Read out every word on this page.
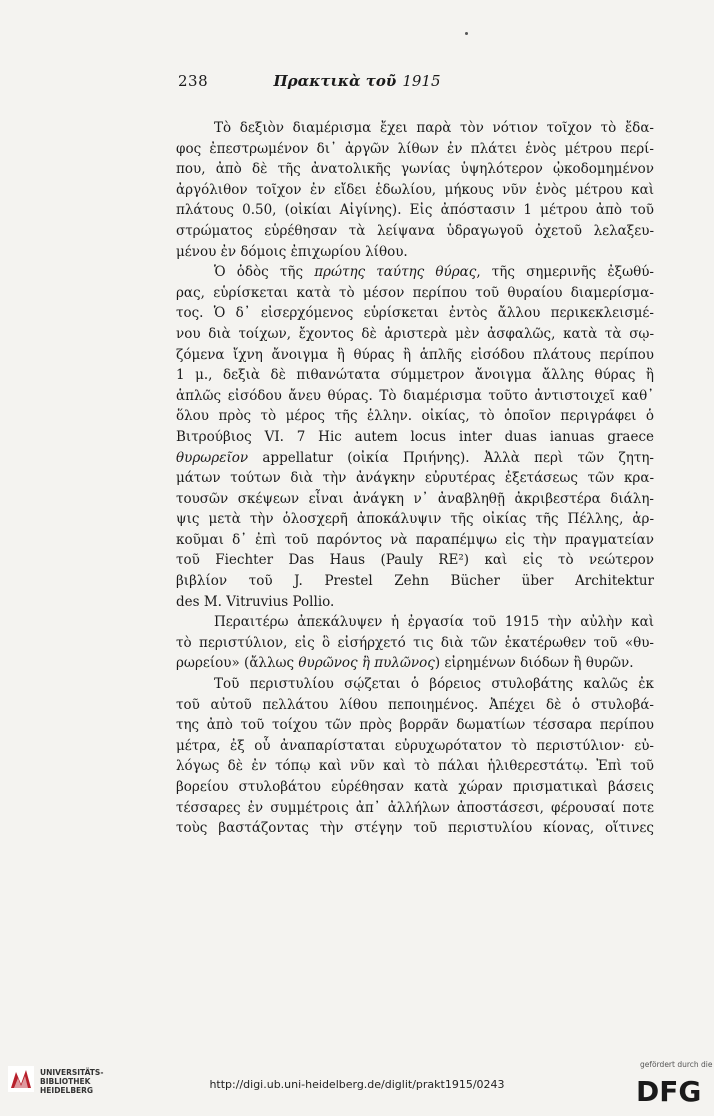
238	Πρακτικὰ τοῦ 1915
Τὸ δεξιὸν διαμέρισμα ἔχει παρὰ τὸν νότιον τοῖχον τὸ ἔδα-
φος ἐπεστρωμένον δι᾽ ἀργῶν λίθων ἐν πλάτει ἑνὸς μέτρου περί-
που, ἀπὸ δὲ τῆς ἀνατολικῆς γωνίας ὑψηλότερον ᾠκοδομημένον
ἀργόλιθον τοῖχον ἐν εἴδει ἑδωλίου, μήκους νῦν ἑνὸς μέτρου καὶ
πλάτους 0.50, (οἰκίαι Αἰγίνης). Εἰς ἀπόστασιν 1 μέτρου ἀπὸ τοῦ
στρώματος εὑρέθησαν τὰ λείψανα ὑδραγωγοῦ ὀχετοῦ λελαξευ-
μένου ἐν δόμοις ἐπιχωρίου λίθου.
Ὁ ὁδὸς τῆς πρώτης ταύτης θύρας, τῆς σημερινῆς ἐξωθύ-
ρας, εὑρίσκεται κατὰ τὸ μέσον περίπου τοῦ θυραίου διαμερίσμα-
τος. Ὁ δ᾽ εἰσερχόμενος εὑρίσκεται ἐντὸς ἄλλου περικεκλεισμέ-
νου διὰ τοίχων, ἔχοντος δὲ ἀριστερὰ μὲν ἀσφαλῶς, κατὰ τὰ σῳ-
ζόμενα ἴχνη ἄνοιγμα ἢ θύρας ἢ ἁπλῆς εἰσόδου πλάτους περίπου
1 μ., δεξιὰ δὲ πιθανώτατα σύμμετρον ἄνοιγμα ἄλλης θύρας ἢ
ἁπλῶς εἰσόδου ἄνευ θύρας. Τὸ διαμέρισμα τοῦτο ἀντιστοιχεῖ καθ᾽
ὅλου πρὸς τὸ μέρος τῆς ἑλλην. οἰκίας, τὸ ὁποῖον περιγράφει ὁ
Βιτρούβιος VI. 7 Hic autem locus inter duas ianuas graece
θυρωρεῖον appellatur (οἰκία Πριήνης). Ἀλλὰ περὶ τῶν ζητη-
μάτων τούτων διὰ τὴν ἀνάγκην εὐρυτέρας ἐξετάσεως τῶν κρα-
τουσῶν σκέψεων εἶναι ἀνάγκη ν᾽ ἀναβληθῇ ἀκριβεστέρα διάλη-
ψις μετὰ τὴν ὁλοσχερῆ ἀποκάλυψιν τῆς οἰκίας τῆς Πέλλης, ἀρ-
κοῦμαι δ᾽ ἐπὶ τοῦ παρόντος νὰ παραπέμψω εἰς τὴν πραγματείαν
τοῦ Fiechter Das Haus (Pauly RE²) καὶ εἰς τὸ νεώτερον
βιβλίον τοῦ J. Prestel Zehn Bücher über Architektur
des M. Vitruvius Pollio.
Περαιτέρω ἀπεκάλυψεν ἡ ἐργασία τοῦ 1915 τὴν αὐλὴν καὶ
τὸ περιστύλιον, εἰς ὃ εἰσήρχετό τις διὰ τῶν ἑκατέρωθεν τοῦ «θυ-
ρωρείου» (ἄλλως θυρῶνος ἢ πυλῶνος) εἰρημένων διόδων ἢ θυρῶν.
Τοῦ περιστυλίου σῴζεται ὁ βόρειος στυλοβάτης καλῶς ἐκ
τοῦ αὐτοῦ πελλάτου λίθου πεποιημένος. Ἀπέχει δὲ ὁ στυλοβά-
της ἀπὸ τοῦ τοίχου τῶν πρὸς βορρᾶν δωματίων τέσσαρα περίπου
μέτρα, ἐξ οὗ ἀναπαρίσταται εὐρυχωρότατον τὸ περιστύλιον· εὐ-
λόγως δὲ ἐν τόπῳ καὶ νῦν καὶ τὸ πάλαι ἡλιθερεστάτῳ. Ἐπὶ τοῦ
βορείου στυλοβάτου εὑρέθησαν κατὰ χώραν πρισματικαὶ βάσεις
τέσσαρες ἐν συμμέτροις ἀπ᾽ ἀλλήλων ἀποστάσεσι, φέρουσαί ποτε
τοὺς βαστάζοντας τὴν στέγην τοῦ περιστυλίου κίονας, οἵτινες
UNIVERSITÄTS-
BIBLIOTHEK
HEIDELBERG	http://digi.ub.uni-heidelberg.de/diglit/prakt1915/0243
gefördert durch die
DFG
